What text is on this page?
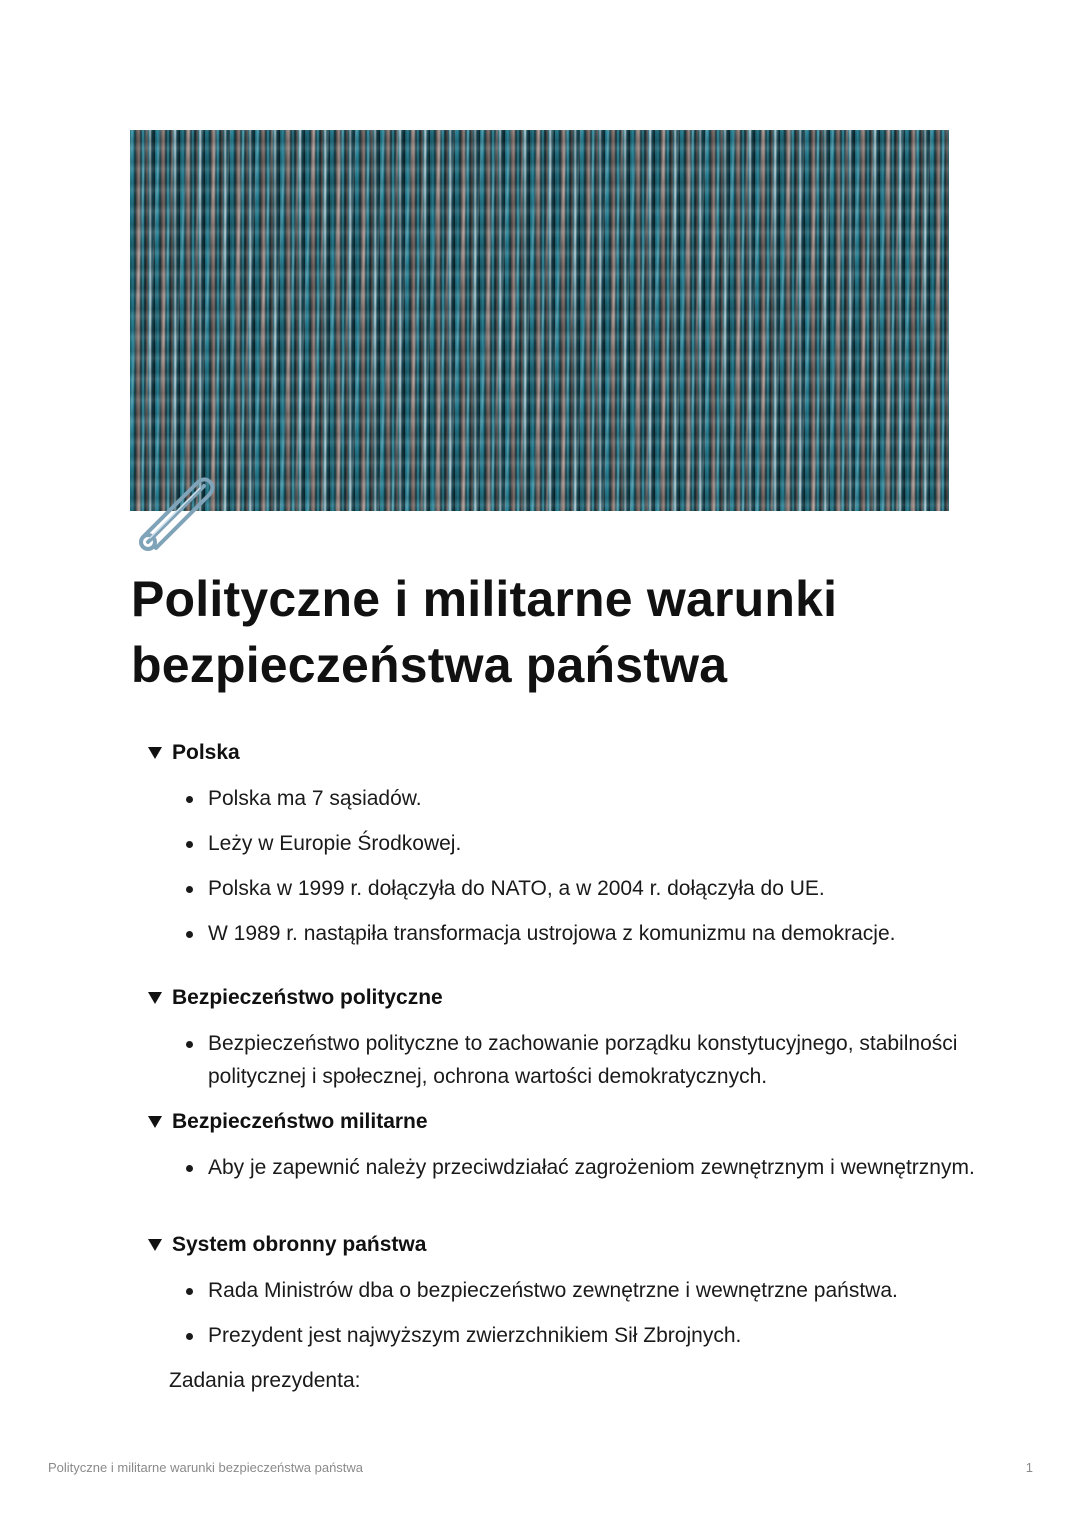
Polityczne i militarne warunki bezpieczeństwa państwa
Polska
Polska ma 7 sąsiadów.
Leży w Europie Środkowej.
Polska w 1999 r. dołączyła do NATO, a w 2004 r. dołączyła do UE.
W 1989 r. nastąpiła transformacja ustrojowa z komunizmu na demokracje.
Bezpieczeństwo polityczne
Bezpieczeństwo polityczne to zachowanie porządku konstytucyjnego, stabilności politycznej i społecznej, ochrona wartości demokratycznych.
Bezpieczeństwo militarne
Aby je zapewnić należy przeciwdziałać zagrożeniom zewnętrznym i wewnętrznym.
System obronny państwa
Rada Ministrów dba o bezpieczeństwo zewnętrzne i wewnętrzne państwa.
Prezydent jest najwyższym zwierzchnikiem Sił Zbrojnych.
Zadania prezydenta:
Polityczne i militarne warunki bezpieczeństwa państwa	1
